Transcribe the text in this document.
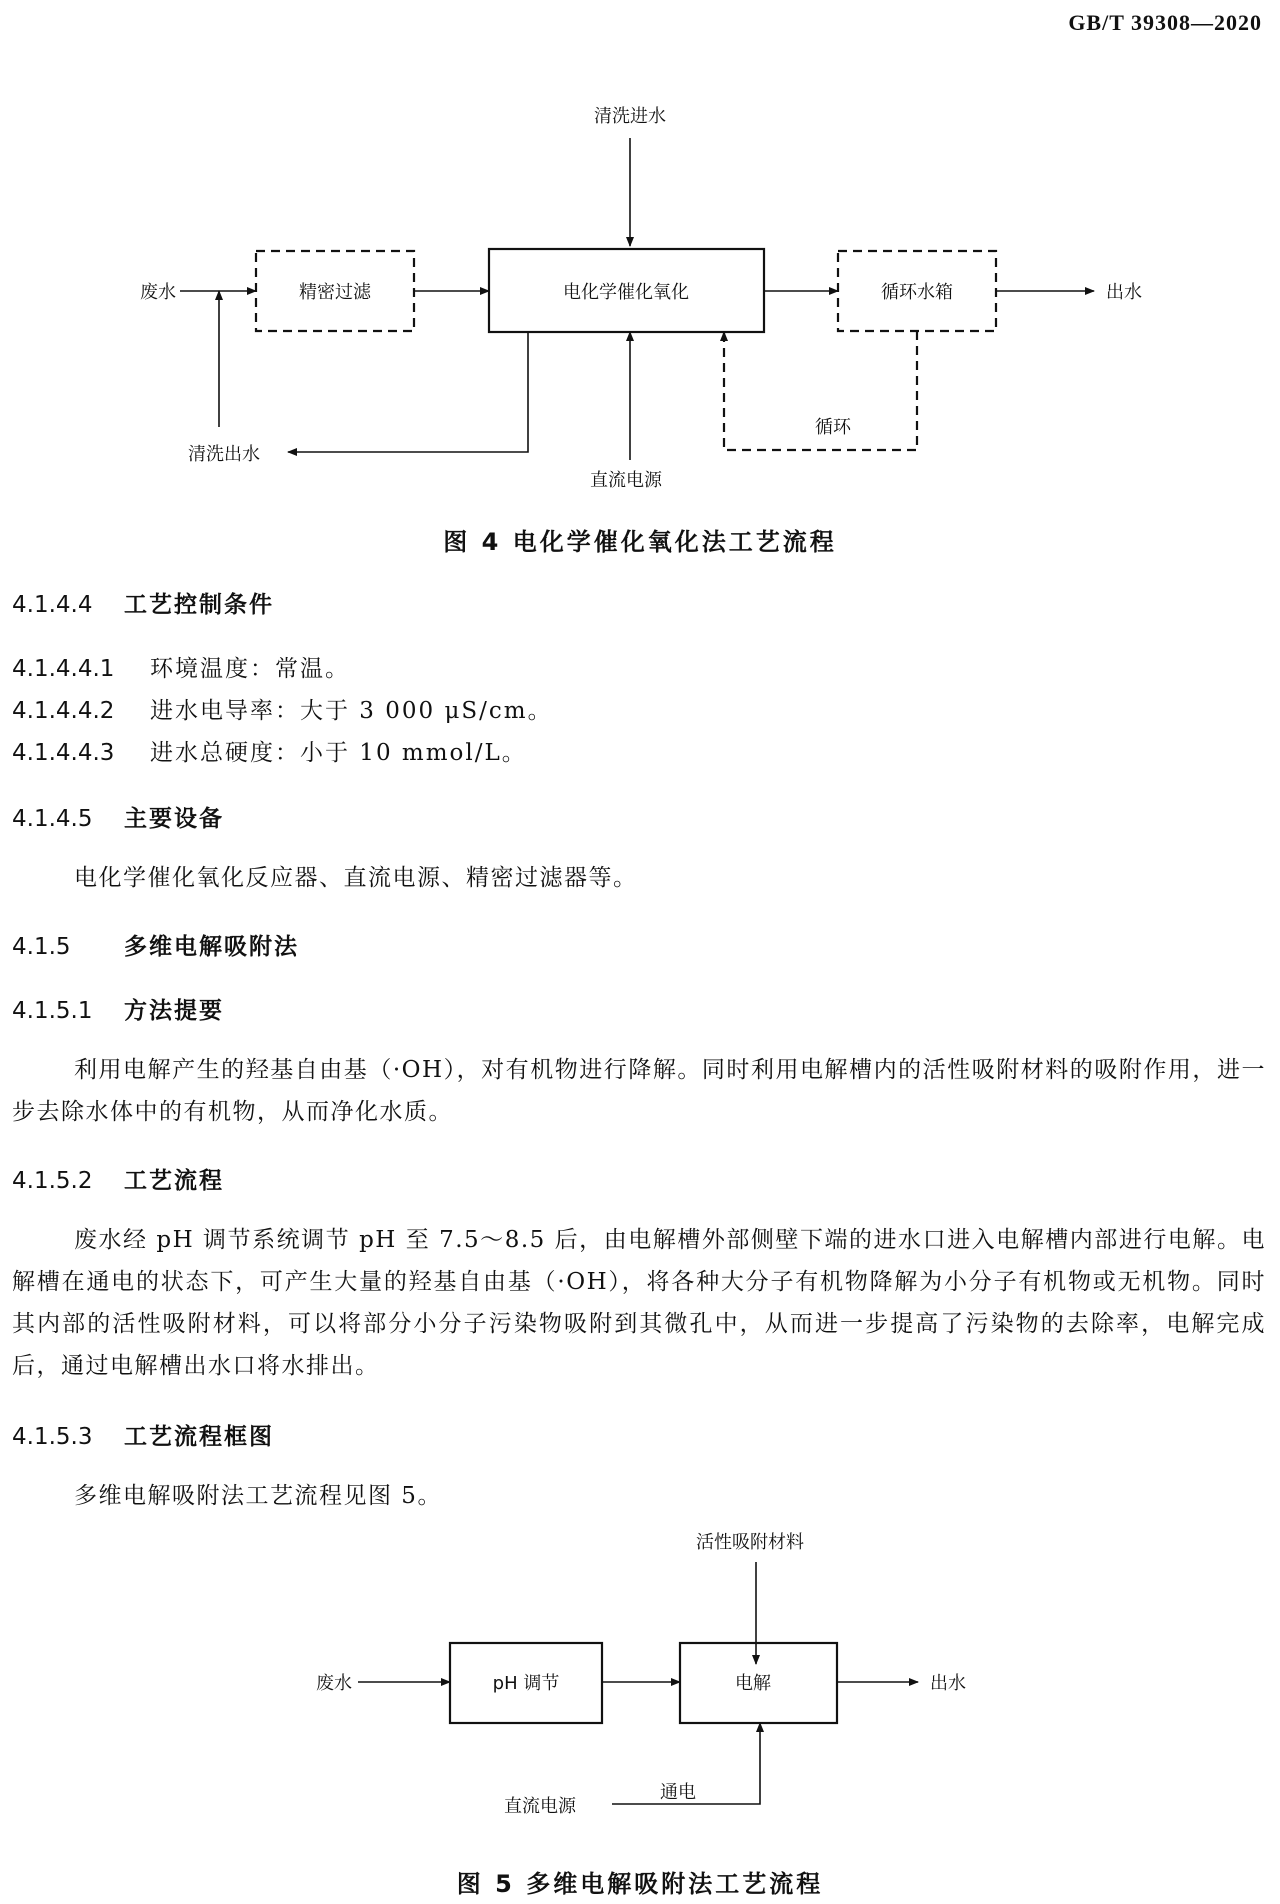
GB/T 39308—2020
清洗进水
废水	精密过滤	电化学催化氧化	循环水箱	出水
清洗出水
循环
直流电源
图 4 电化学催化氧化法工艺流程
4.1.4.4 工艺控制条件
4.1.4.4.1 环境温度：常温。
4.1.4.4.2 进水电导率：大于 3 000 μS/cm。
4.1.4.4.3 进水总硬度：小于 10 mmol/L。
4.1.4.5 主要设备
电化学催化氧化反应器、直流电源、精密过滤器等。
4.1.5 多维电解吸附法
4.1.5.1 方法提要
利用电解产生的羟基自由基（·OH），对有机物进行降解。同时利用电解槽内的活性吸附材料的吸附作用，进一步去除水体中的有机物，从而净化水质。
4.1.5.2 工艺流程
废水经 pH 调节系统调节 pH 至 7.5～8.5 后，由电解槽外部侧壁下端的进水口进入电解槽内部进行电解。电解槽在通电的状态下，可产生大量的羟基自由基（·OH），将各种大分子有机物降解为小分子有机物或无机物。同时其内部的活性吸附材料，可以将部分小分子污染物吸附到其微孔中，从而进一步提高了污染物的去除率，电解完成后，通过电解槽出水口将水排出。
4.1.5.3 工艺流程框图
多维电解吸附法工艺流程见图 5。
活性吸附材料
废水	pH 调节	电解	出水
通电
直流电源
图 5 多维电解吸附法工艺流程
